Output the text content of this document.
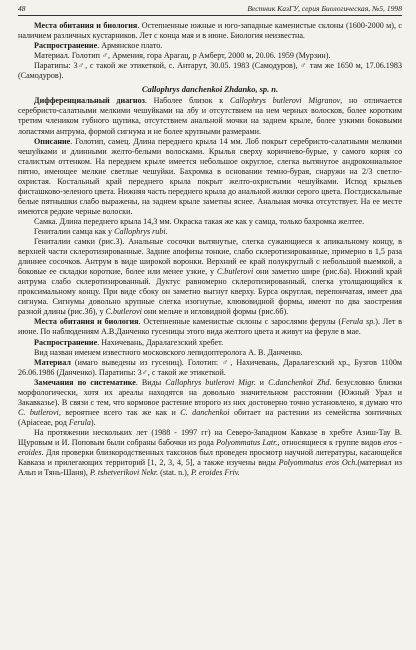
48	Вестник КазГУ, серия Биологическая, №5, 1998

Места обитания и биология. Остепненные южные и юго-западные каменистые склоны (1600-2000 м), с наличием различных кустарников. Лет с конца мая и в июне. Биология неизвестна.

Распространение. Армянское плато.

Материал. Голотип ♂, Армения, гора Арагац, р Амберт, 2000 м, 20.06. 1959 (Мурзин).

Паратипы: 3♂, с такой же этикеткой, с. Антарут, 30.05. 1983 (Самодуров), ♂ там же 1650 м, 17.06.1983 (Самодуров).

Callophrys danchenkoi Zhdanko, sp. n.

Дифференциальный диагноз. Наболее близок к Callophrys butlerovi Migranov, но отличается серебристо-салатными мелкими чешуйками на лбу и отсутствием на нем черных волосков, более коротким третим члеником губного щупика, отсутствием анальной мочки на заднем крыле, более узкими боковыми лопастями антрума, формой сигнума и не более крупными размерами.

Описание. Голотип, самец. Длина переднего крыла 14 мм. Лоб покрыт серебристо-салатными мелкими чешуйками и длинными желто-белыми волосками. Крылья сверху коричнево-бурые, у самого корня со сталистым оттенком. На переднем крыле имеется небольшое округлое, слегка вытянутое андрокониальное пятно, имеющее мелкие светлые чешуйки. Бахромка в основании темно-бурая, снаружи на 2/3 светло-охристая. Костальный край переднего крыла покрыт желто-охристыми чешуйками. Испод крыльев фисташково-зеленого цвета. Нижняя часть переднего крыла до анальной жилки серого цвета. Постдискальные белые пятнышки слабо выражены, на заднем крыле заметны яснее. Анальная мочка отсутствует. На ее месте имеются редкие черные волоски.

Самка. Длина переднего крыла 14,3 мм. Окраска такая же как у самца, только бахромка желтее.

Гениталии самца как у Callophrys rubi.

Гениталии самки (рис.3). Анальные сосочки вытянутые, слегка сужающиеся к апикальному концу, в верхней части склеротизированные. Задние апофизы тонкие, слабо склеротизированные, примерно в 1,5 раза длиннее сосочков. Антрум в виде широкой воронки. Верхний ее край полукруглый с небольшой выемкой, а боковые ее складки короткие, более или менее узкие, у C.butlerovi они заметно шире (рис.6а). Нижний край антрума слабо склеротизированный. Дуктус равномерно склеротизированный, слегка утолщающийся к проксимальному концу. При виде сбоку он заметно выгнут кверху. Бурса округлая, перепончатая, имеет два сигнума. Сигнумы довольно крупные слегка изогнутые, клювовидной формы, имеют по два заострения разной длины (рис.3б), у C.butlerovi они мельче и игловидной формы (рис.6б).

Места обитания и биология. Остепненные каменистые склоны с зарослями ферулы (Ferula sp.). Лет в июне. По наблюдениям А.В.Данченко гусеницы этого вида желтого цвета и живут на феруле в мае.

Распространение. Нахичевань, Даралагезский хребет.

Вид назван именем известного московского лепидоптеролога А. В. Данченко.

Материал (имаго выведены из гусениц). Голотип: ♂, Нахичевань, Даралагезский хр., Бузгов 1100м 26.06.1986 (Данченко). Паратипы: 3♂, с такой же этикеткой.

Замечания по систематике. Виды Callophrys butlerovi Migr. и C.danchenkoi Zhd. безусловно близки морфологически, хотя их ареалы находятся на довольно значительном расстоянии (Южный Урал и Закавказье). В связи с тем, что кормовое растение второго из них достоверно точно установлено, я думаю что C. butlerovi, вероятнее всего так же как и C. danchenkoi обитает на растении из семейства зонтичных (Apiaceae, род Ferula).

На протяжении нескольких лет (1988 - 1997 гг) на Северо-Западном Кавказе в хребте Азиш-Тау В. Щуровым и И. Поповым были собраны бабочки из рода Polyommatus Latr., относящиеся к группе видов eros - eroides. Для проверки близкородственных таксонов был проведен просмотр научной литературы, касающейся Кавказа и прилегающих территорий [1, 2, 3, 4, 5], а также изучены виды Polyommatus eros Och.(материал из Альп и Тянь-Шаня), P. tshetverikovi Nekr. (stat. n.), P. eroides Friv.
